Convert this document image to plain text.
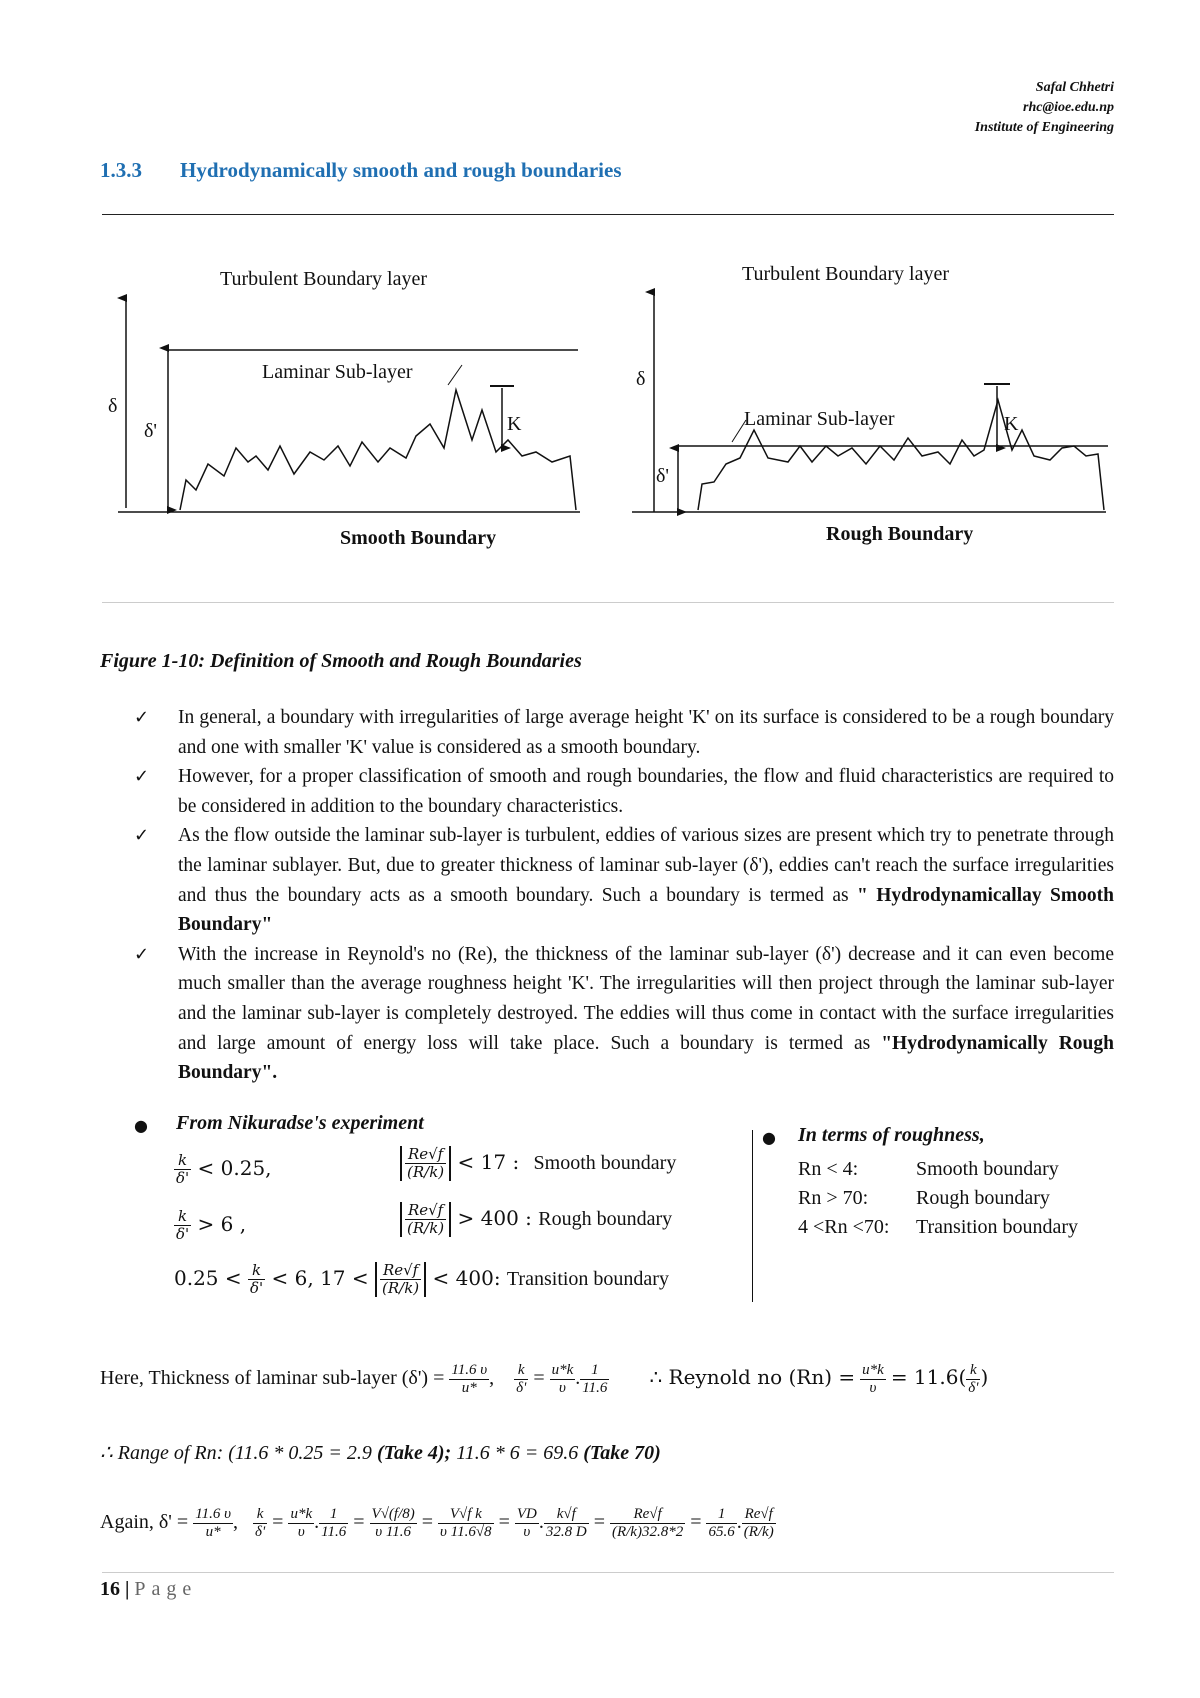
Safal Chhetri
rhc@ioe.edu.np
Institute of Engineering
1.3.3 Hydrodynamically smooth and rough boundaries
Turbulent Boundary layer
δ
δ'
Laminar Sub-layer
K
Smooth Boundary
Turbulent Boundary layer
δ
δ'
Laminar Sub-layer	K
Rough Boundary
Figure 1-10: Definition of Smooth and Rough Boundaries
✓ In general, a boundary with irregularities of large average height 'K' on its surface is considered to be a rough boundary and one with smaller 'K' value is considered as a smooth boundary.
✓ However, for a proper classification of smooth and rough boundaries, the flow and fluid characteristics are required to be considered in addition to the boundary characteristics.
✓ As the flow outside the laminar sub-layer is turbulent, eddies of various sizes are present which try to penetrate through the laminar sublayer. But, due to greater thickness of laminar sub-layer (δ'), eddies can't reach the surface irregularities and thus the boundary acts as a smooth boundary. Such a boundary is termed as " Hydrodynamicallay Smooth Boundary"
✓ With the increase in Reynold's no (Re), the thickness of the laminar sub-layer (δ') decrease and it can even become much smaller than the average roughness height 'K'. The irregularities will then project through the laminar sub-layer and the laminar sub-layer is completely destroyed. The eddies will thus come in contact with the surface irregularities and large amount of energy loss will take place. Such a boundary is termed as "Hydrodynamically Rough Boundary".
● From Nikuradse's experiment
$\frac{k}{\delta'} < 0.25$,	$\frac{Re√f}{(R/k)} < 17$ : Smooth boundary
$\frac{k}{\delta'} > 6$ ,	$\frac{Re√f}{(R/k)} > 400$ : Rough boundary
$0.25 < \frac{k}{\delta'} < 6$, $17 < \frac{Re√f}{(R/k)} < 400$: Transition boundary
● In terms of roughness,
Rn < 4:	Smooth boundary
Rn > 70: Rough boundary
4 <Rn <70: Transition boundary
Here, Thickness of laminar sub-layer $(\delta') = \frac{11.6 \upsilon}{u*}$ , $\frac{k}{\delta'} = \frac{u*k}{\upsilon}$ . $\frac{1}{11.6}$ ∴ Reynold no $(Rn) = \frac{u*k}{\upsilon} = 11.6( \frac{k}{\delta'}$ )
∴ Range of Rn: (11.6 * 0.25 = 2.9 (Take 4); 11.6 * 6 = 69.6 (Take 70)
Again, $\delta' = \frac{11.6 \upsilon}{u*}$ , $\frac{k}{\delta'} = \frac{u*k}{\upsilon}$ . $\frac{1}{11.6} = \frac{V√(f/8)}{\upsilon 11.6} = \frac{\text{V√f k}}{\upsilon 11.6√8} = \frac{VD}{\upsilon}$ . $\frac{k√f}{32.8 D} = \frac{Re√f}{(R/k)32.8*2} = \frac{1}{65.6}$ . $\frac{Re√f}{(R/k)}$
16 | Page
